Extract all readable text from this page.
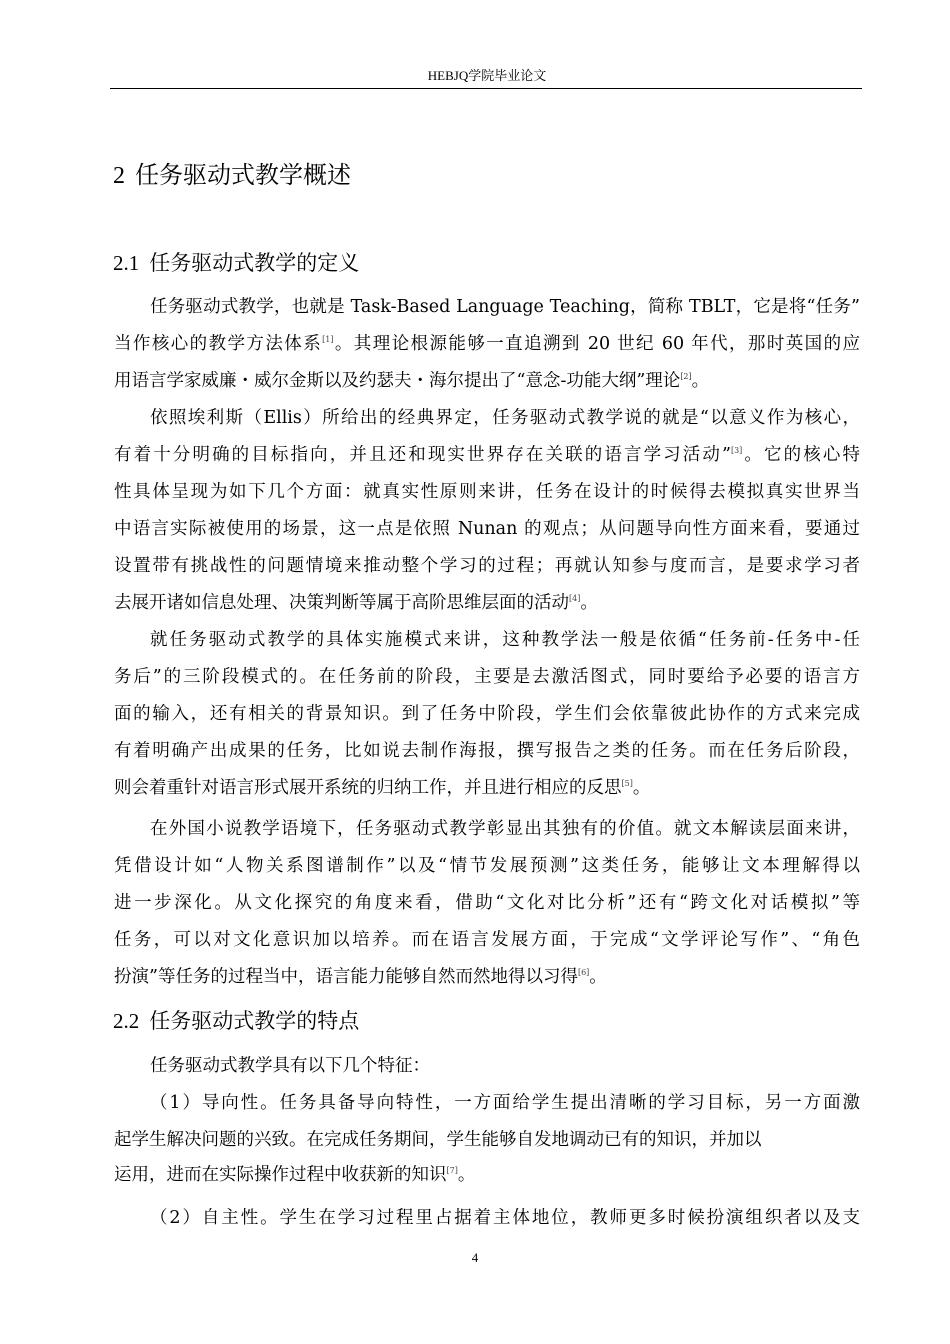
HEBJQ学院毕业论文
2 任务驱动式教学概述
2.1 任务驱动式教学的定义
任务驱动式教学，也就是 Task-Based Language Teaching，简称 TBLT，它是将“任务”
当作核心的教学方法体系[1]。其理论根源能够一直追溯到 20 世纪 60 年代，那时英国的应
用语言学家威廉・威尔金斯以及约瑟夫・海尔提出了“意念-功能大纲”理论[2]。
依照埃利斯（Ellis）所给出的经典界定，任务驱动式教学说的就是“以意义作为核心，
有着十分明确的目标指向，并且还和现实世界存在关联的语言学习活动”[3]。它的核心特
性具体呈现为如下几个方面：就真实性原则来讲，任务在设计的时候得去模拟真实世界当
中语言实际被使用的场景，这一点是依照 Nunan 的观点；从问题导向性方面来看，要通过
设置带有挑战性的问题情境来推动整个学习的过程；再就认知参与度而言，是要求学习者
去展开诸如信息处理、决策判断等属于高阶思维层面的活动[4]。
就任务驱动式教学的具体实施模式来讲，这种教学法一般是依循“任务前-任务中-任
务后”的三阶段模式的。在任务前的阶段，主要是去激活图式，同时要给予必要的语言方
面的输入，还有相关的背景知识。到了任务中阶段，学生们会依靠彼此协作的方式来完成
有着明确产出成果的任务，比如说去制作海报，撰写报告之类的任务。而在任务后阶段，
则会着重针对语言形式展开系统的归纳工作，并且进行相应的反思[5]。
在外国小说教学语境下，任务驱动式教学彰显出其独有的价值。就文本解读层面来讲，
凭借设计如“人物关系图谱制作”以及“情节发展预测”这类任务，能够让文本理解得以
进一步深化。从文化探究的角度来看，借助“文化对比分析”还有“跨文化对话模拟”等
任务，可以对文化意识加以培养。而在语言发展方面，于完成“文学评论写作”、“角色
扮演”等任务的过程当中，语言能力能够自然而然地得以习得[6]。
2.2 任务驱动式教学的特点
任务驱动式教学具有以下几个特征：
（1）导向性。任务具备导向特性，一方面给学生提出清晰的学习目标，另一方面激
起学生解决问题的兴致。在完成任务期间，学生能够自发地调动已有的知识，并加以
运用，进而在实际操作过程中收获新的知识[7]。
（2）自主性。学生在学习过程里占据着主体地位，教师更多时候扮演组织者以及支
4
